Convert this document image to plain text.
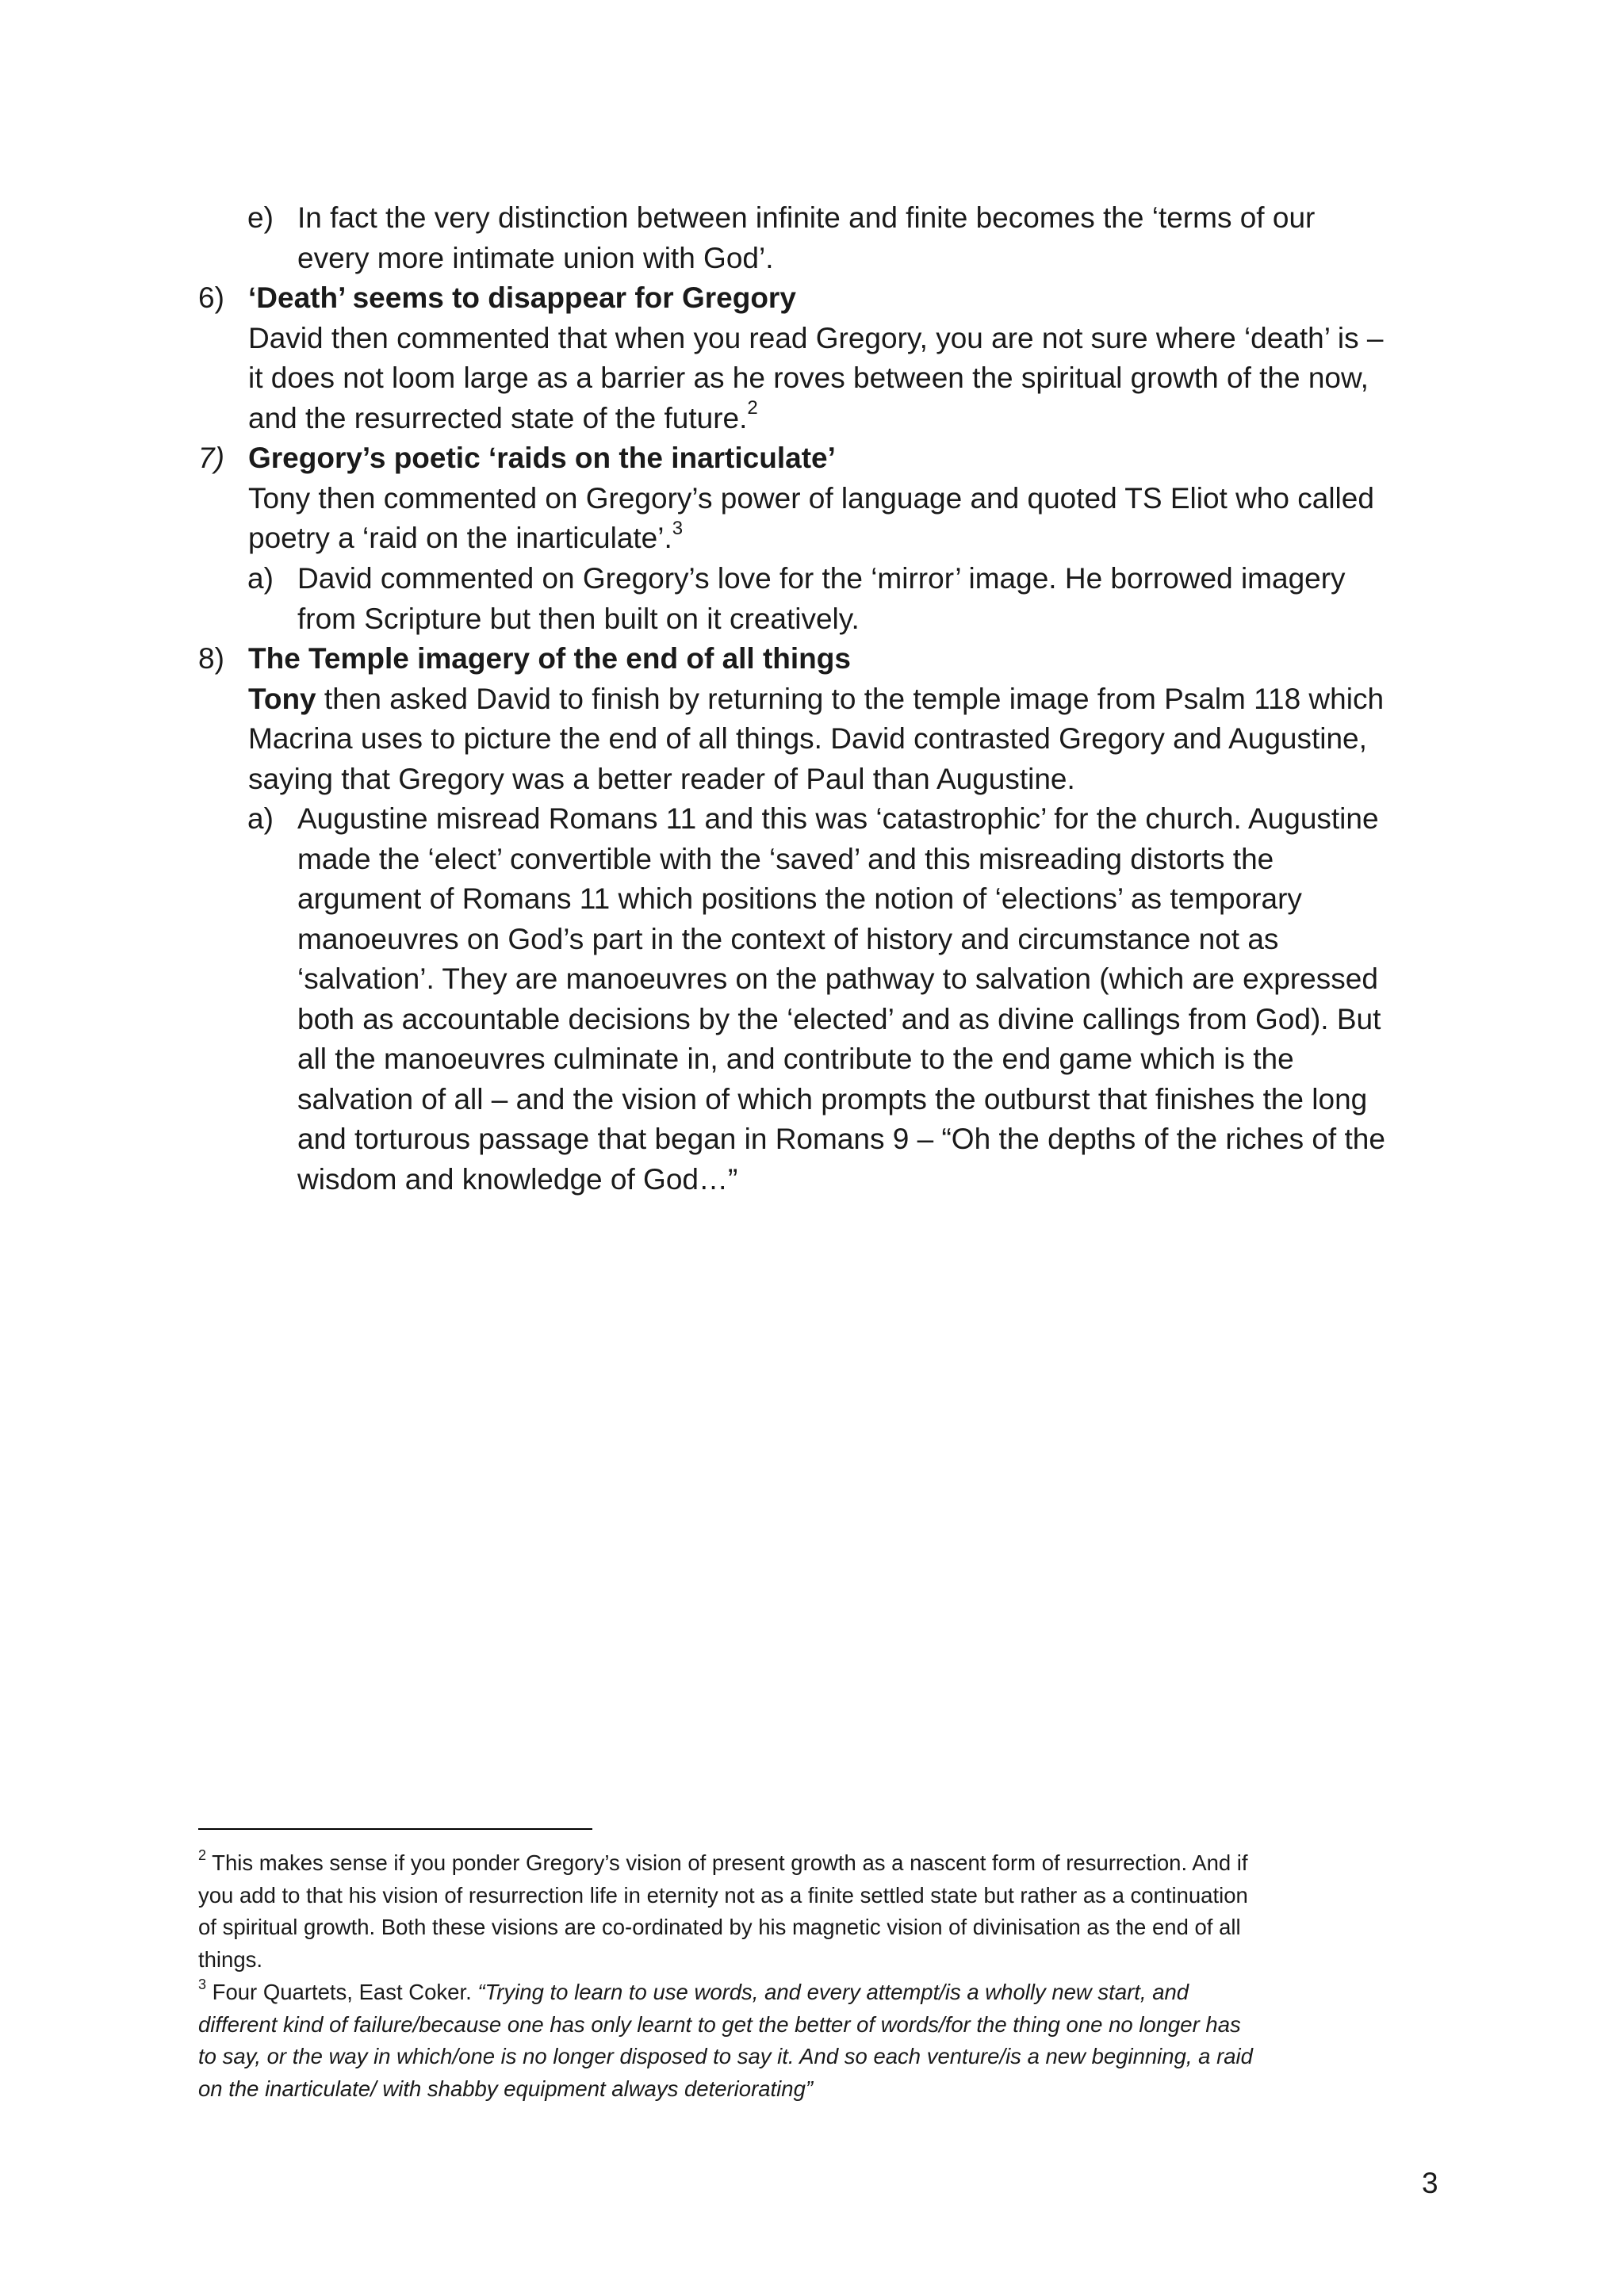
e) In fact the very distinction between infinite and finite becomes the ‘terms of our
every more intimate union with God’.
6) ‘Death’ seems to disappear for Gregory
David then commented that when you read Gregory, you are not sure where ‘death’ is –
it does not loom large as a barrier as he roves between the spiritual growth of the now,
and the resurrected state of the future.$^2$
7) Gregory’s poetic ‘raids on the inarticulate’
Tony then commented on Gregory’s power of language and quoted TS Eliot who called
poetry a ‘raid on the inarticulate’.$^3$
a) David commented on Gregory’s love for the ‘mirror’ image. He borrowed imagery
from Scripture but then built on it creatively.
8) The Temple imagery of the end of all things
Tony then asked David to finish by returning to the temple image from Psalm 118 which
Macrina uses to picture the end of all things. David contrasted Gregory and Augustine,
saying that Gregory was a better reader of Paul than Augustine.
a) Augustine misread Romans 11 and this was ‘catastrophic’ for the church. Augustine
made the ‘elect’ convertible with the ‘saved’ and this misreading distorts the
argument of Romans 11 which positions the notion of ‘elections’ as temporary
manoeuvres on God’s part in the context of history and circumstance not as
‘salvation’. They are manoeuvres on the pathway to salvation (which are expressed
both as accountable decisions by the ‘elected’ and as divine callings from God). But
all the manoeuvres culminate in, and contribute to the end game which is the
salvation of all – and the vision of which prompts the outburst that finishes the long
and torturous passage that began in Romans 9 – “Oh the depths of the riches of the
wisdom and knowledge of God…”
$^2$ This makes sense if you ponder Gregory’s vision of present growth as a nascent form of resurrection. And if
you add to that his vision of resurrection life in eternity not as a finite settled state but rather as a continuation
of spiritual growth. Both these visions are co-ordinated by his magnetic vision of divinisation as the end of all
things.
$^3$ Four Quartets, East Coker. “Trying to learn to use words, and every attempt/is a wholly new start, and
different kind of failure/because one has only learnt to get the better of words/for the thing one no longer has
to say, or the way in which/one is no longer disposed to say it. And so each venture/is a new beginning, a raid
on the inarticulate/ with shabby equipment always deteriorating”
3
